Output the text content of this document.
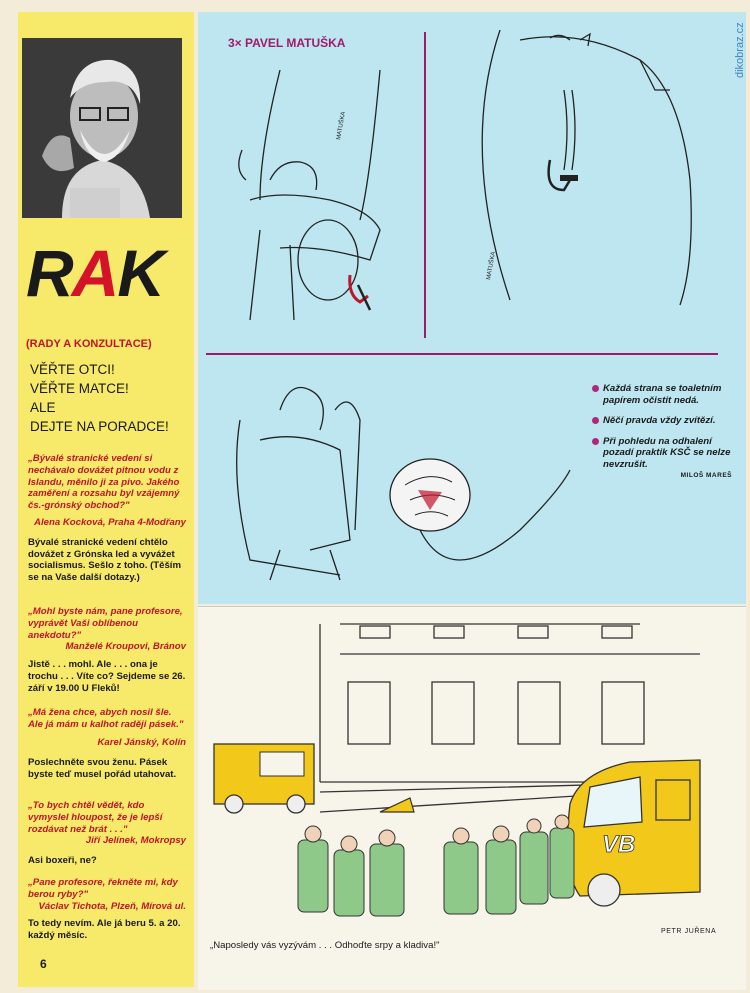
RAK
(RADY A KONZULTACE)
VĚŘTE OTCI!
VĚŘTE MATCE!
ALE
DEJTE NA PORADCE!
„Bývalé stranické vedení si nechávalo dovážet pitnou vodu z Islandu, měnilo ji za pivo. Jakého zaměření a rozsahu byl vzájemný čs.-grónský obchod?"
Alena Kocková, Praha 4-Modřany
Bývalé stranické vedení chtělo dovážet z Grónska led a vyvážet socialismus. Sešlo z toho. (Těším se na Vaše další dotazy.)
„Mohl byste nám, pane profesore, vyprávět Vaši oblíbenou anekdotu?"
Manželé Kroupovi, Bránov
Jistě . . . mohl. Ale . . . ona je trochu . . . Víte co? Sejdeme se 26. září v 19.00 U Fleků!
„Má žena chce, abych nosil šle. Ale já mám u kalhot raději pásek."
Karel Jánský, Kolín
Poslechněte svou ženu. Pásek byste teď musel pořád utahovat.
„To bych chtěl vědět, kdo vymyslel hloupost, že je lepší rozdávat než brát . . ."
Jiří Jelínek, Mokropsy
Asi boxeři, ne?
„Pane profesore, řekněte mi, kdy berou ryby?"
Václav Tichota, Plzeň, Mírová ul.
To tedy nevím. Ale já beru 5. a 20. každý měsíc.
6
3× PAVEL MATUŠKA
MATUŠKA
MATUŠKA
Každá strana se toaletním papírem očistit nedá.
Něčí pravda vždy zvítězí.
Při pohledu na odhalení pozadí praktik KSČ se nelze nevzrušit.
MILOŠ MAREŠ
VB
PETR JUŘENA
„Naposledy vás vyzývám . . . Odhoďte srpy a kladiva!"
dikobraz.cz
